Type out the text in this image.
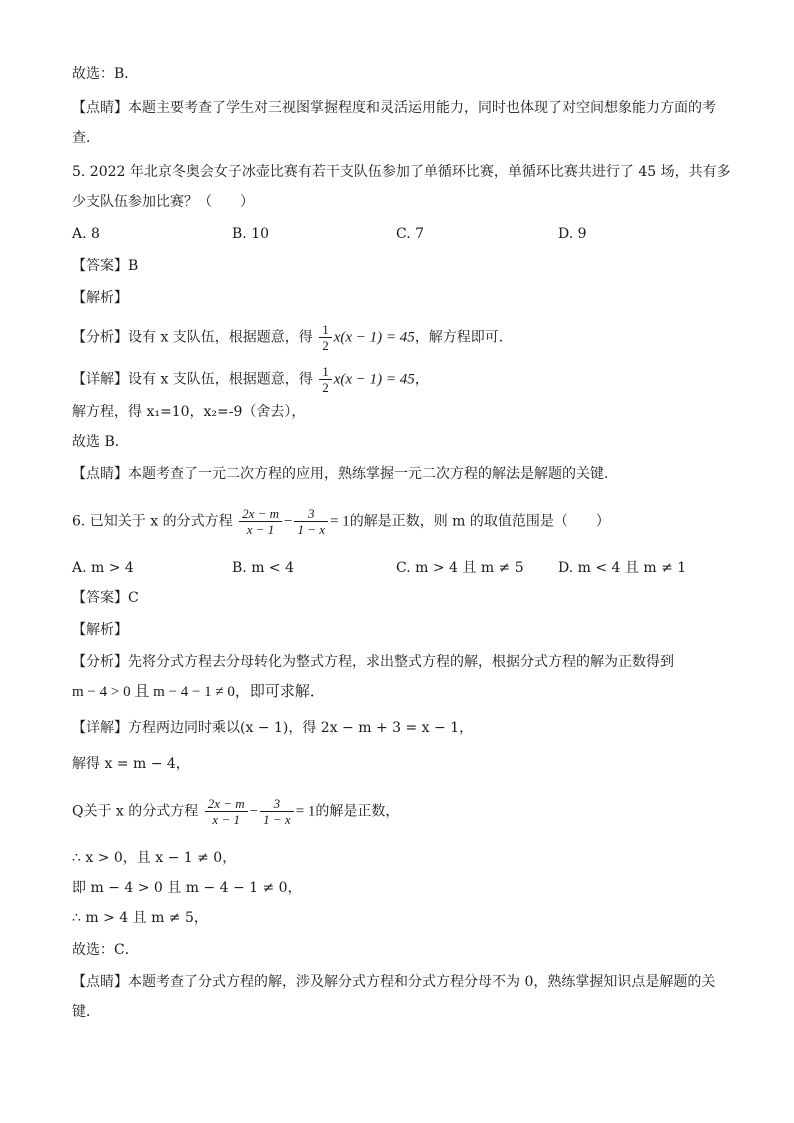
故选：B．
【点睛】本题主要考查了学生对三视图掌握程度和灵活运用能力，同时也体现了对空间想象能力方面的考
查．
5. 2022 年北京冬奥会女子冰壶比赛有若干支队伍参加了单循环比赛，单循环比赛共进行了 45 场，共有多
少支队伍参加比赛？（　　）
A. 8	B. 10	C. 7	D. 9
【答案】B
【解析】
【分析】设有 x 支队伍，根据题意，得 $\frac{1}{2} x(x - 1) = 45$，解方程即可．
【详解】设有 x 支队伍，根据题意，得 $\frac{1}{2} x(x - 1) = 45$，
解方程，得 x₁=10，x₂=-9（舍去），
故选 B．
【点睛】本题考查了一元二次方程的应用，熟练掌握一元二次方程的解法是解题的关键．
6. 已知关于 x 的分式方程 $\frac{2x - m}{x - 1} - \frac{3}{1 - x} = 1$的解是正数，则 m 的取值范围是（　　）
A. m > 4	B. m < 4	C. m > 4 且 m ≠ 5 D. m < 4 且 m ≠ 1
【答案】C
【解析】
【分析】先将分式方程去分母转化为整式方程，求出整式方程的解，根据分式方程的解为正数得到
m − 4 > 0 且 m − 4 − 1 ≠ 0，即可求解．
【详解】方程两边同时乘以(x − 1)，得 2x − m + 3 = x − 1，
解得 x = m − 4，
Q关于 x 的分式方程 $\frac{2x - m}{x - 1} - \frac{3}{1 - x} = 1$的解是正数，
∴ x > 0，且 x − 1 ≠ 0，
即 m − 4 > 0 且 m − 4 − 1 ≠ 0，
∴ m > 4 且 m ≠ 5，
故选：C．
【点睛】本题考查了分式方程的解，涉及解分式方程和分式方程分母不为 0，熟练掌握知识点是解题的关
键．
